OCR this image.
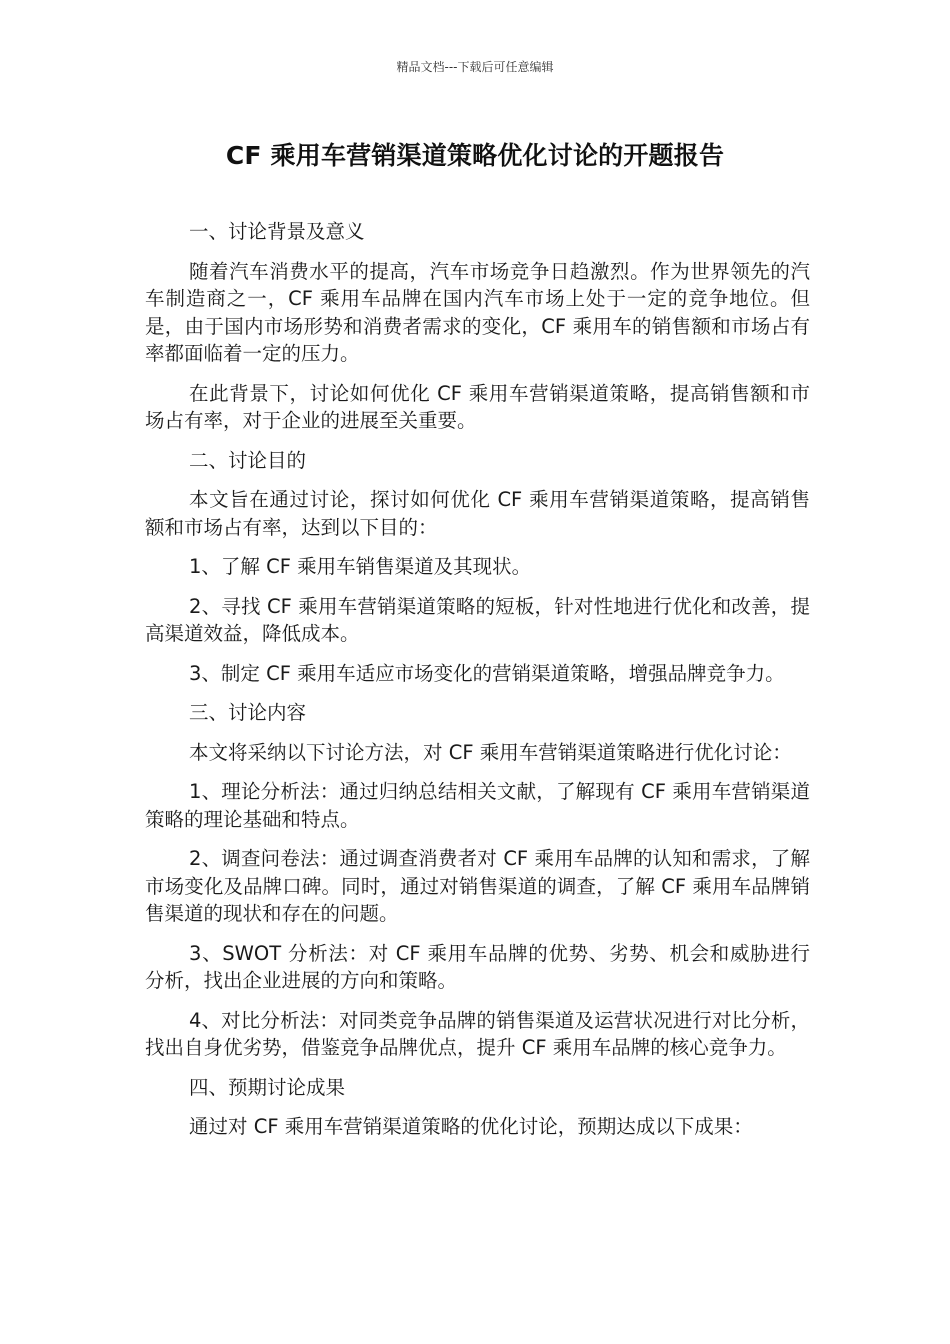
精品文档---下载后可任意编辑
CF 乘用车营销渠道策略优化讨论的开题报告

一、讨论背景及意义

随着汽车消费水平的提高，汽车市场竞争日趋激烈。作为世界领先的汽车制造商之一，CF 乘用车品牌在国内汽车市场上处于一定的竞争地位。但是，由于国内市场形势和消费者需求的变化，CF 乘用车的销售额和市场占有率都面临着一定的压力。

在此背景下，讨论如何优化 CF 乘用车营销渠道策略，提高销售额和市场占有率，对于企业的进展至关重要。

二、讨论目的

本文旨在通过讨论，探讨如何优化 CF 乘用车营销渠道策略，提高销售额和市场占有率，达到以下目的：

1、了解 CF 乘用车销售渠道及其现状。

2、寻找 CF 乘用车营销渠道策略的短板，针对性地进行优化和改善，提高渠道效益，降低成本。

3、制定 CF 乘用车适应市场变化的营销渠道策略，增强品牌竞争力。

三、讨论内容

本文将采纳以下讨论方法，对 CF 乘用车营销渠道策略进行优化讨论：

1、理论分析法：通过归纳总结相关文献，了解现有 CF 乘用车营销渠道策略的理论基础和特点。

2、调查问卷法：通过调查消费者对 CF 乘用车品牌的认知和需求，了解市场变化及品牌口碑。同时，通过对销售渠道的调查，了解 CF 乘用车品牌销售渠道的现状和存在的问题。

3、SWOT 分析法：对 CF 乘用车品牌的优势、劣势、机会和威胁进行分析，找出企业进展的方向和策略。

4、对比分析法：对同类竞争品牌的销售渠道及运营状况进行对比分析，找出自身优劣势，借鉴竞争品牌优点，提升 CF 乘用车品牌的核心竞争力。

四、预期讨论成果

通过对 CF 乘用车营销渠道策略的优化讨论，预期达成以下成果：
